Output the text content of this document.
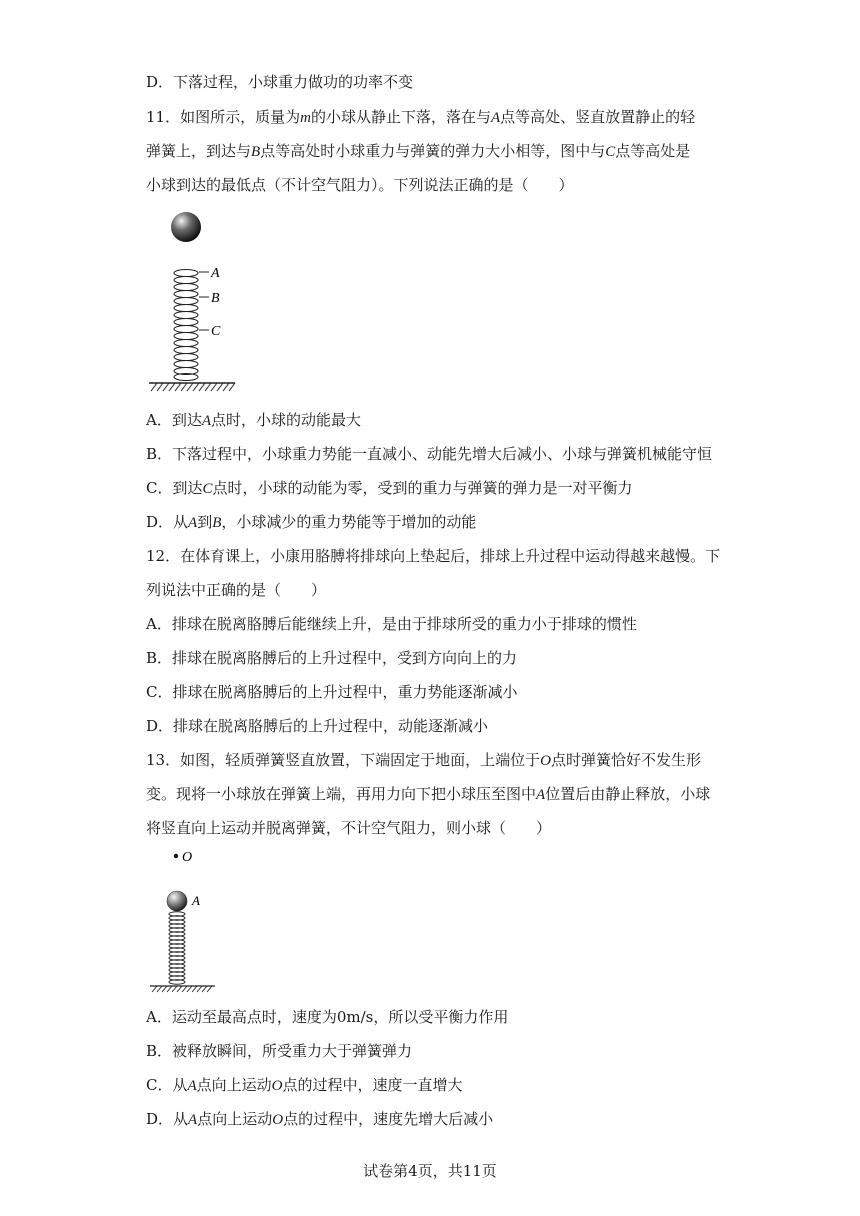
D．下落过程，小球重力做功的功率不变
11．如图所示，质量为m的小球从静止下落，落在与A点等高处、竖直放置静止的轻
弹簧上，到达与B点等高处时小球重力与弹簧的弹力大小相等，图中与C点等高处是
小球到达的最低点（不计空气阻力）。下列说法正确的是（　　）
A
B
C
A．到达A点时，小球的动能最大
B．下落过程中，小球重力势能一直减小、动能先增大后减小、小球与弹簧机械能守恒
C．到达C点时，小球的动能为零，受到的重力与弹簧的弹力是一对平衡力
D．从A到B，小球减少的重力势能等于增加的动能
12．在体育课上，小康用胳膊将排球向上垫起后，排球上升过程中运动得越来越慢。下
列说法中正确的是（　　）
A．排球在脱离胳膊后能继续上升，是由于排球所受的重力小于排球的惯性
B．排球在脱离胳膊后的上升过程中，受到方向向上的力
C．排球在脱离胳膊后的上升过程中，重力势能逐渐减小
D．排球在脱离胳膊后的上升过程中，动能逐渐减小
13．如图，轻质弹簧竖直放置，下端固定于地面，上端位于O点时弹簧恰好不发生形
变。现将一小球放在弹簧上端，再用力向下把小球压至图中A位置后由静止释放，小球
将竖直向上运动并脱离弹簧，不计空气阻力，则小球（　　）
O
A
A．运动至最高点时，速度为0m/s，所以受平衡力作用
B．被释放瞬间，所受重力大于弹簧弹力
C．从A点向上运动O点的过程中，速度一直增大
D．从A点向上运动O点的过程中，速度先增大后减小
试卷第4页，共11页
